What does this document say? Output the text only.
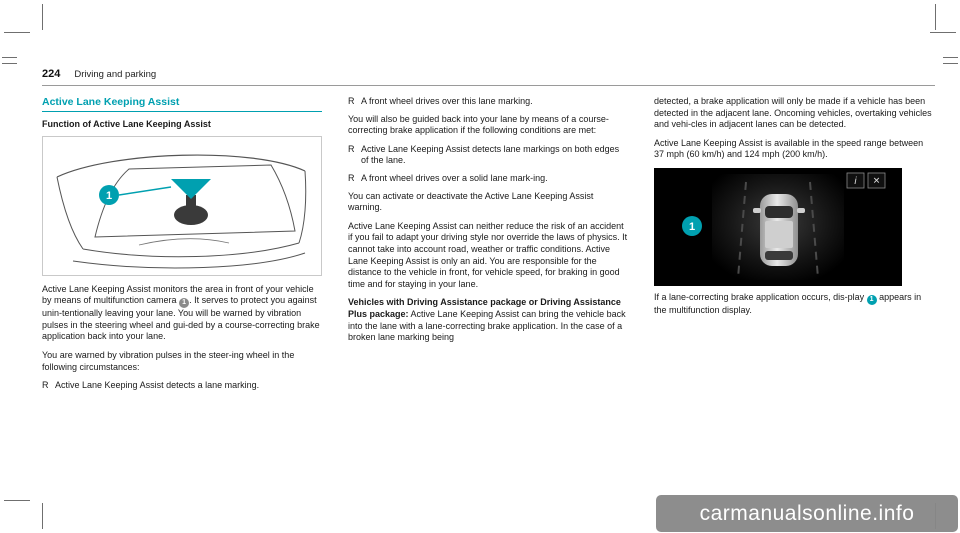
224 Driving and parking
Active Lane Keeping Assist
Function of Active Lane Keeping Assist
1

Active Lane Keeping Assist monitors the area in front of your vehicle by means of multifunction camera 1 . It serves to protect you against unin-tentionally leaving your lane. You will be warned by vibration pulses in the steering wheel and gui-ded by a course-correcting brake application back into your lane.

You are warned by vibration pulses in the steer-ing wheel in the following circumstances:

R Active Lane Keeping Assist detects a lane marking.
R A front wheel drives over this lane marking.

You will also be guided back into your lane by means of a course-correcting brake application if the following conditions are met:

R Active Lane Keeping Assist detects lane markings on both edges of the lane.
R A front wheel drives over a solid lane mark-ing.

You can activate or deactivate the Active Lane Keeping Assist warning.

Active Lane Keeping Assist can neither reduce the risk of an accident if you fail to adapt your driving style nor override the laws of physics. It cannot take into account road, weather or traffic conditions. Active Lane Keeping Assist is only an aid. You are responsible for the distance to the vehicle in front, for vehicle speed, for braking in good time and for staying in your lane.

Vehicles with Driving Assistance package or Driving Assistance Plus package: Active Lane Keeping Assist can bring the vehicle back into the lane with a lane-correcting brake application. In the case of a broken lane marking being

detected, a brake application will only be made if a vehicle has been detected in the adjacent lane. Oncoming vehicles, overtaking vehicles and vehi-cles in adjacent lanes can be detected.

Active Lane Keeping Assist is available in the speed range between 37 mph (60 km/h) and 124 mph (200 km/h).

i ✕
1

If a lane-correcting brake application occurs, dis-play 1 appears in the multifunction display.

carmanualsonline.info
